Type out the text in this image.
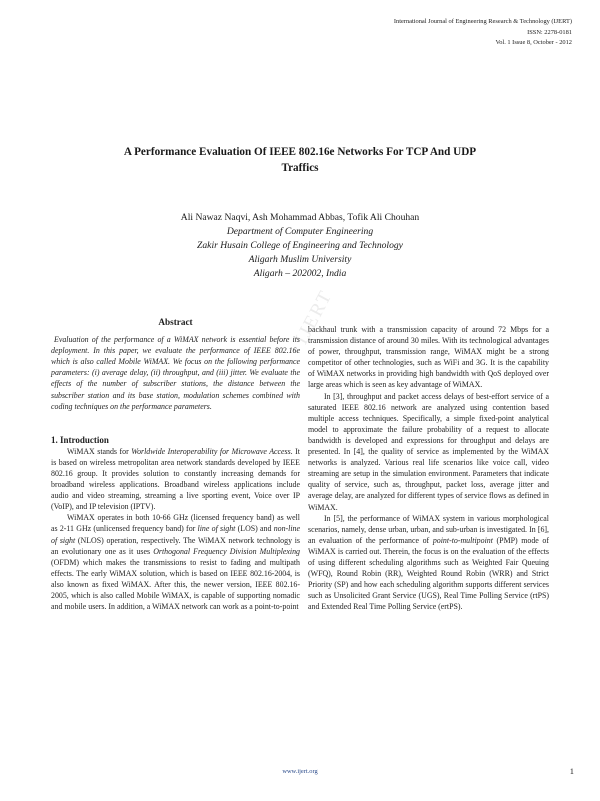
International Journal of Engineering Research & Technology (IJERT)
ISSN: 2278-0181
Vol. 1 Issue 8, October - 2012
A Performance Evaluation Of IEEE 802.16e Networks For TCP And UDP
Traffics
Ali Nawaz Naqvi, Ash Mohammad Abbas, Tofik Ali Chouhan
Department of Computer Engineering
Zakir Husain College of Engineering and Technology
Aligarh Muslim University
Aligarh – 202002, India
IJERT
Abstract

Evaluation of the performance of a WiMAX network is essential before its deployment. In this paper, we evaluate the performance of IEEE 802.16e which is also called Mobile WiMAX. We focus on the following performance parameters: (i) average delay, (ii) throughput, and (iii) jitter. We evaluate the effects of the number of subscriber stations, the distance between the subscriber station and its base station, modulation schemes combined with coding techniques on the performance parameters.

1. Introduction

WiMAX stands for Worldwide Interoperability for Microwave Access. It is based on wireless metropolitan area network standards developed by IEEE 802.16 group. It provides solution to constantly increasing demands for broadband wireless applications. Broadband wireless applications include audio and video streaming, streaming a live sporting event, Voice over IP (VoIP), and IP television (IPTV).

WiMAX operates in both 10-66 GHz (licensed frequency band) as well as 2-11 GHz (unlicensed frequency band) for line of sight (LOS) and non-line of sight (NLOS) operation, respectively. The WiMAX network technology is an evolutionary one as it uses Orthogonal Frequency Division Multiplexing (OFDM) which makes the transmissions to resist to fading and multipath effects. The early WiMAX solution, which is based on IEEE 802.16-2004, is also known as fixed WiMAX. After this, the newer version, IEEE 802.16-2005, which is also called Mobile WiMAX, is capable of supporting nomadic and mobile users. In addition, a WiMAX network can work as a point-to-point

backhaul trunk with a transmission capacity of around 72 Mbps for a transmission distance of around 30 miles. With its technological advantages of power, throughput, transmission range, WiMAX might be a strong competitor of other technologies, such as WiFi and 3G. It is the capability of WiMAX networks in providing high bandwidth with QoS deployed over large areas which is seen as key advantage of WiMAX.

In [3], throughput and packet access delays of best-effort service of a saturated IEEE 802.16 network are analyzed using contention based multiple access techniques. Specifically, a simple fixed-point analytical model to approximate the failure probability of a request to allocate bandwidth is developed and expressions for throughput and delays are presented. In [4], the quality of service as implemented by the WiMAX networks is analyzed. Various real life scenarios like voice call, video streaming are setup in the simulation environment. Parameters that indicate quality of service, such as, throughput, packet loss, average jitter and average delay, are analyzed for different types of service flows as defined in WiMAX.

In [5], the performance of WiMAX system in various morphological scenarios, namely, dense urban, urban, and sub-urban is investigated. In [6], an evaluation of the performance of point-to-multipoint (PMP) mode of WiMAX is carried out. Therein, the focus is on the evaluation of the effects of using different scheduling algorithms such as Weighted Fair Queuing (WFQ), Round Robin (RR), Weighted Round Robin (WRR) and Strict Priority (SP) and how each scheduling algorithm supports different services such as Unsolicited Grant Service (UGS), Real Time Polling Service (rtPS) and Extended Real Time Polling Service (ertPS).

www.ijert.org	1
